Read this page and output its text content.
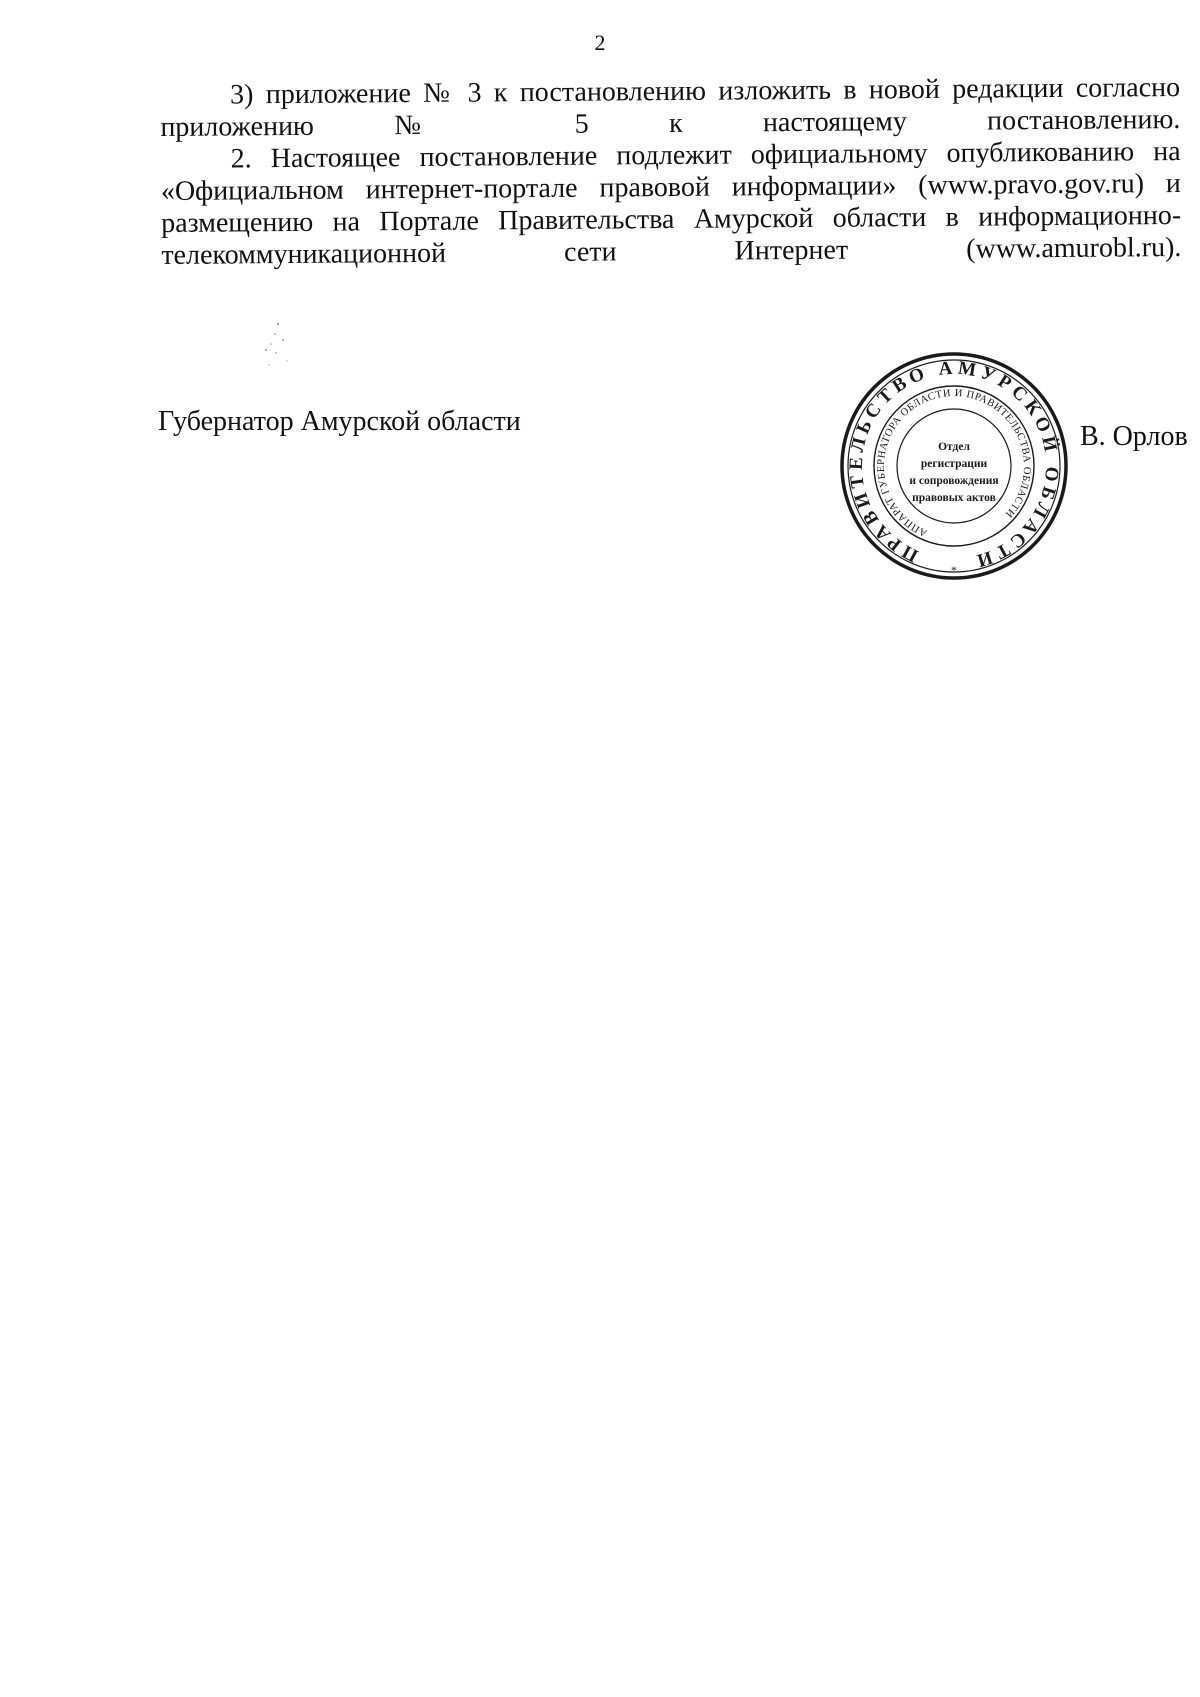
2

3) приложение № 3 к постановлению изложить в новой редакции согласно приложению № 5 к настоящему постановлению.

2. Настоящее постановление подлежит официальному опубликованию на «Официальном интернет-портале правовой информации» (www.pravo.gov.ru) и размещению на Портале Правительства Амурской области в информационно-телекоммуникационной сети Интернет (www.amurobl.ru).

Губернатор Амурской области	В. Орлов
ПРАВИТЕЛЬСТВО АМУРСКОЙ ОБЛАСТИ
АППАРАТ ГУБЕРНАТОРА ОБЛАСТИ И ПРАВИТЕЛЬСТВА ОБЛАСТИ
*
Отдел
регистрации
и сопровождения
правовых актов
